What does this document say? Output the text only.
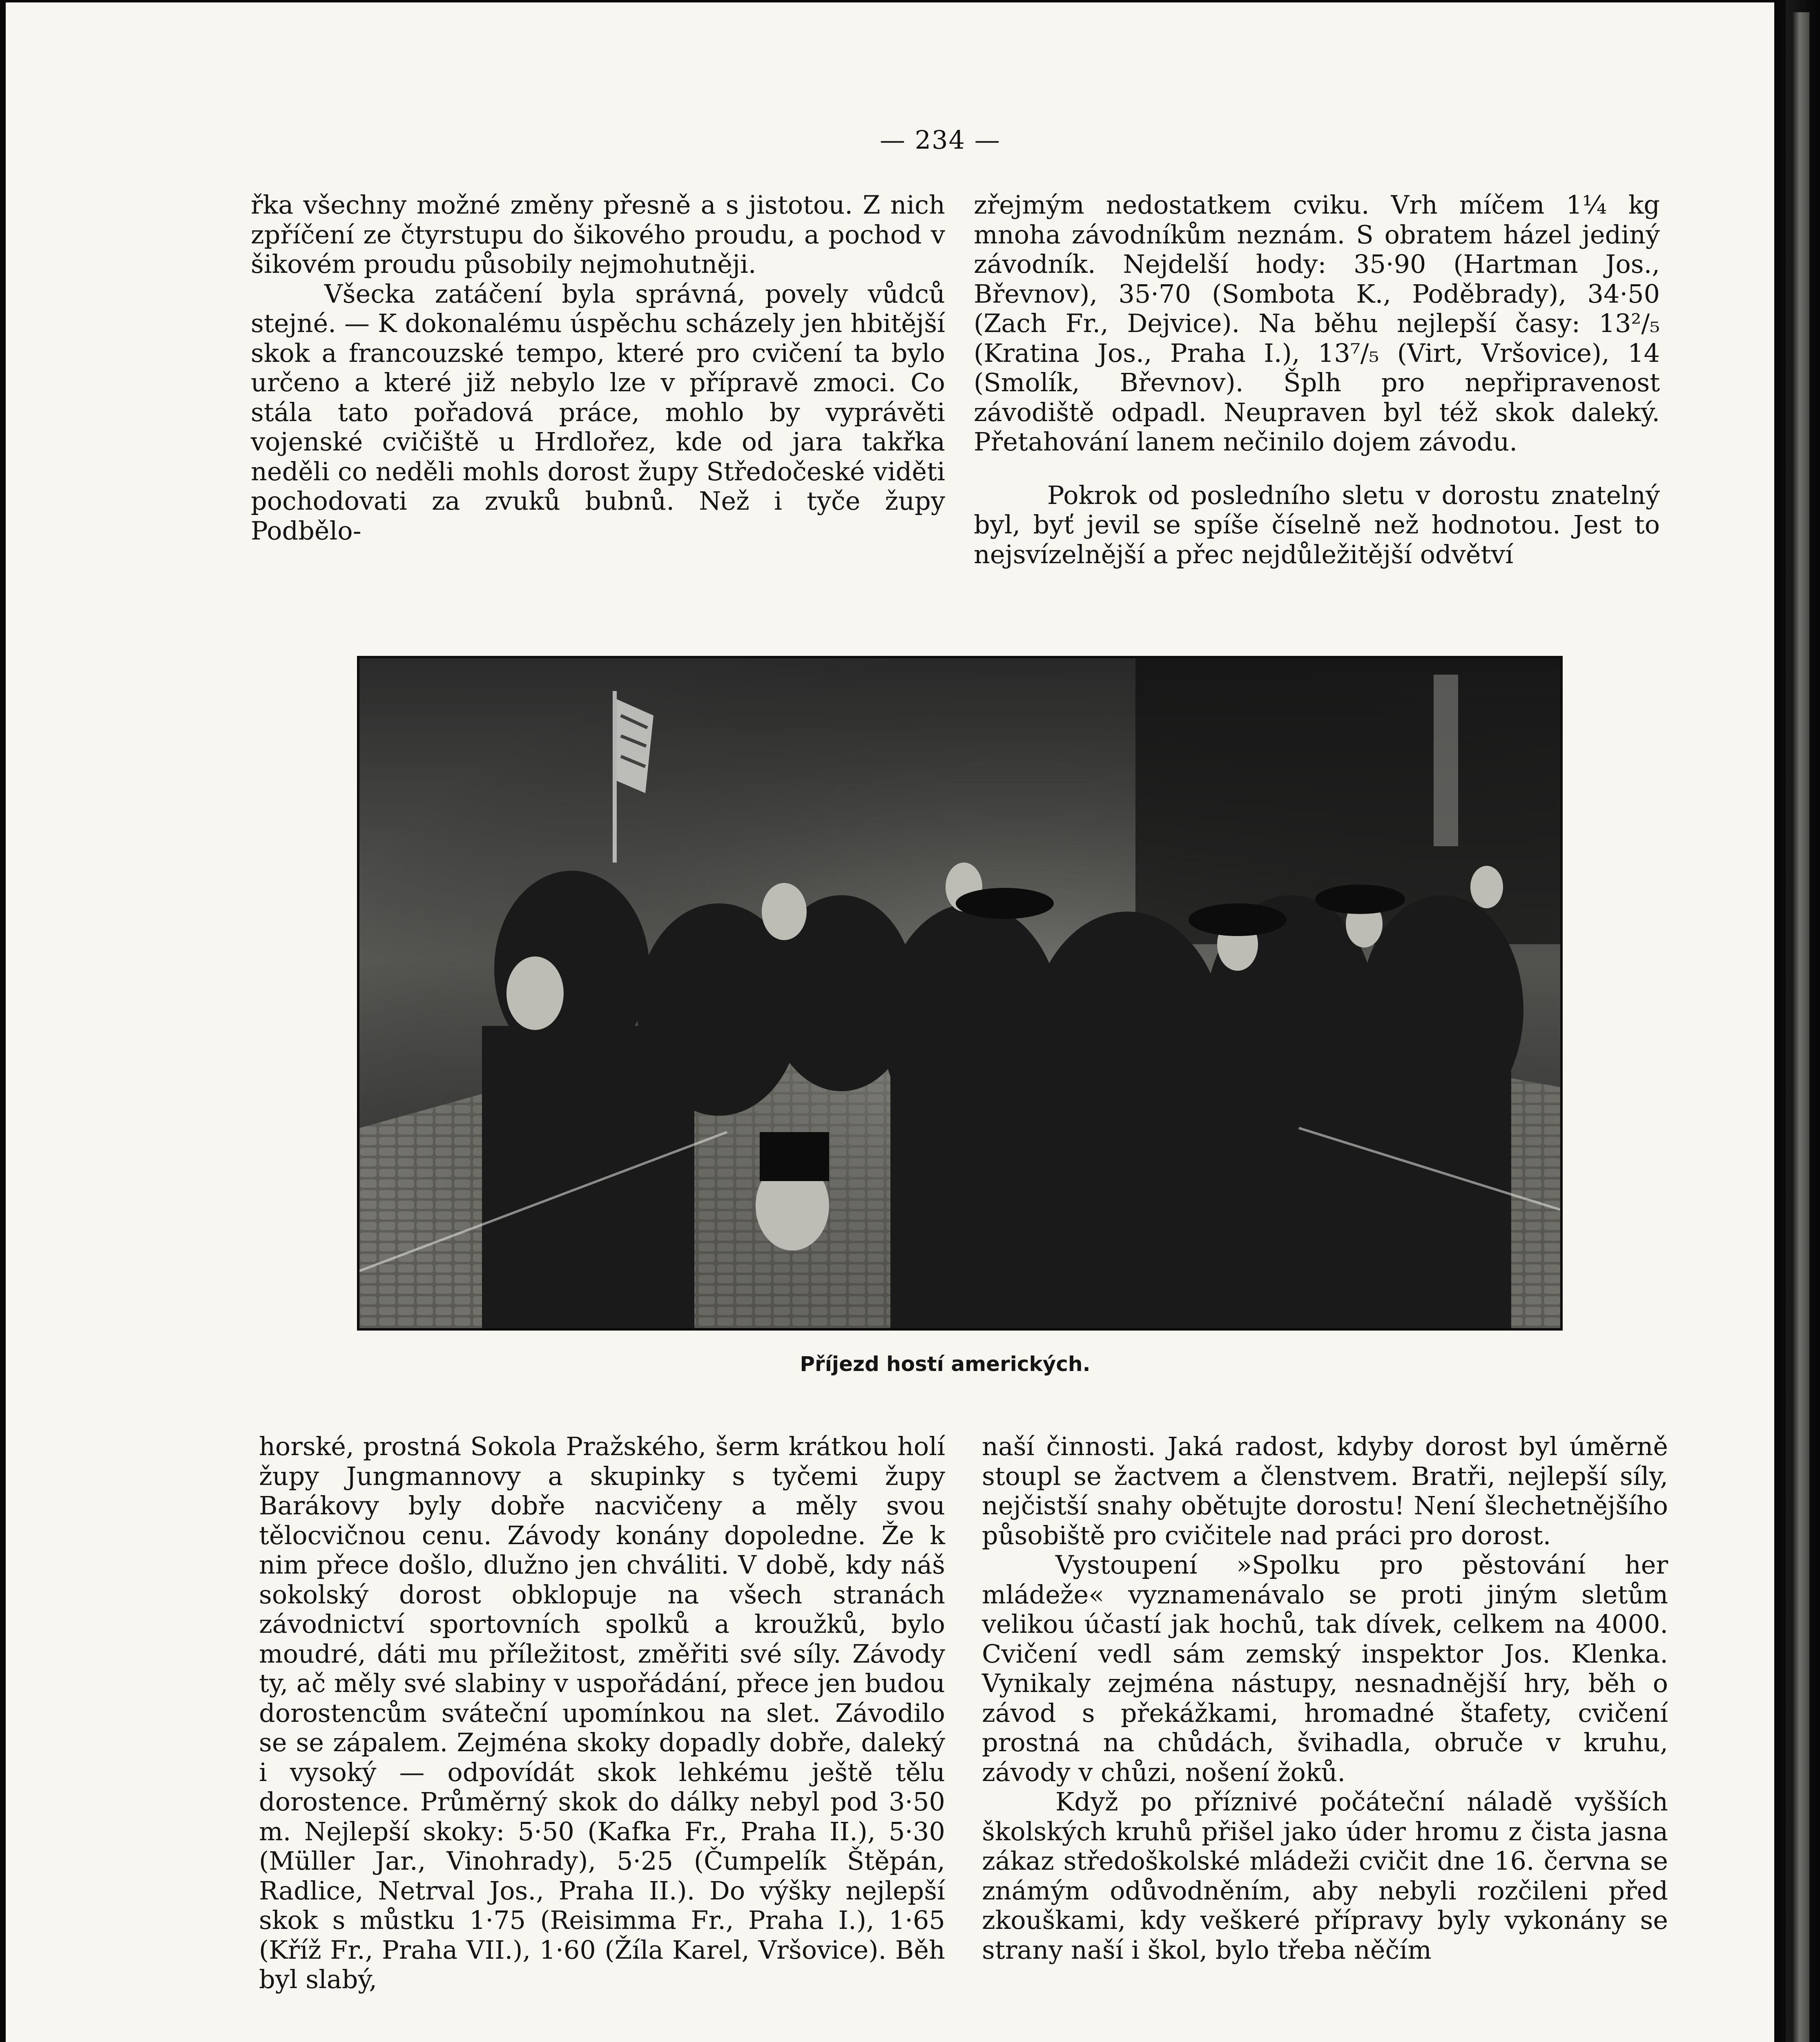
— 234 —

řka všechny možné změny přesně a s jistotou. Z nich zpříčení ze čtyrstupu do šikového proudu, a pochod v šikovém proudu působily nejmohutněji.

Všecka zatáčení byla správná, povely vůdců stejné. — K dokonalému úspěchu scházely jen hbitější skok a francouzské tempo, které pro cvičení ta bylo určeno a které již nebylo lze v přípravě zmoci. Co stála tato pořadová práce, mohlo by vyprávěti vojenské cvičiště u Hrdlořez, kde od jara takřka neděli co neděli mohls dorost župy Středočeské viděti pochodovati za zvuků bubnů. Než i tyče župy Podbělo-

zřejmým nedostatkem cviku. Vrh míčem 1¼ kg mnoha závodníkům neznám. S obratem házel jediný závodník. Nejdelší hody: 35·90 (Hartman Jos., Břevnov), 35·70 (Sombota K., Poděbrady), 34·50 (Zach Fr., Dejvice). Na běhu nejlepší časy: 13²/₅ (Kratina Jos., Praha I.), 13⁷/₅ (Virt, Vršovice), 14 (Smolík, Břevnov). Šplh pro nepřipravenost závodiště odpadl. Neupraven byl též skok daleký. Přetahování lanem nečinilo dojem závodu.

Pokrok od posledního sletu v dorostu znatelný byl, byť jevil se spíše číselně než hodnotou. Jest to nejsvízelnější a přec nejdůležitější odvětví

Příjezd hostí amerických.

horské, prostná Sokola Pražského, šerm krátkou holí župy Jungmannovy a skupinky s tyčemi župy Barákovy byly dobře nacvičeny a měly svou tělocvičnou cenu. Závody konány dopoledne. Že k nim přece došlo, dlužno jen chváliti. V době, kdy náš sokolský dorost obklopuje na všech stranách závodnictví sportovních spolků a kroužků, bylo moudré, dáti mu příležitost, změřiti své síly. Závody ty, ač měly své slabiny v uspořádání, přece jen budou dorostencům sváteční upomínkou na slet. Závodilo se se zápalem. Zejména skoky dopadly dobře, daleký i vysoký — odpovídát skok lehkému ještě tělu dorostence. Průměrný skok do dálky nebyl pod 3·50 m. Nejlepší skoky: 5·50 (Kafka Fr., Praha II.), 5·30 (Müller Jar., Vinohrady), 5·25 (Čumpelík Štěpán, Radlice, Netrval Jos., Praha II.). Do výšky nejlepší skok s můstku 1·75 (Reisimma Fr., Praha I.), 1·65 (Kříž Fr., Praha VII.), 1·60 (Žíla Karel, Vršovice). Běh byl slabý,

naší činnosti. Jaká radost, kdyby dorost byl úměrně stoupl se žactvem a členstvem. Bratři, nejlepší síly, nejčistší snahy obětujte dorostu! Není šlechetnějšího působiště pro cvičitele nad práci pro dorost.

Vystoupení »Spolku pro pěstování her mládeže« vyznamenávalo se proti jiným sletům velikou účastí jak hochů, tak dívek, celkem na 4000. Cvičení vedl sám zemský inspektor Jos. Klenka. Vynikaly zejména nástupy, nesnadnější hry, běh o závod s překážkami, hromadné štafety, cvičení prostná na chůdách, švihadla, obruče v kruhu, závody v chůzi, nošení žoků.

Když po příznivé počáteční náladě vyšších školských kruhů přišel jako úder hromu z čista jasna zákaz středoškolské mládeži cvičit dne 16. června se známým odůvodněním, aby nebyli rozčileni před zkouškami, kdy veškeré přípravy byly vykonány se strany naší i škol, bylo třeba něčím
